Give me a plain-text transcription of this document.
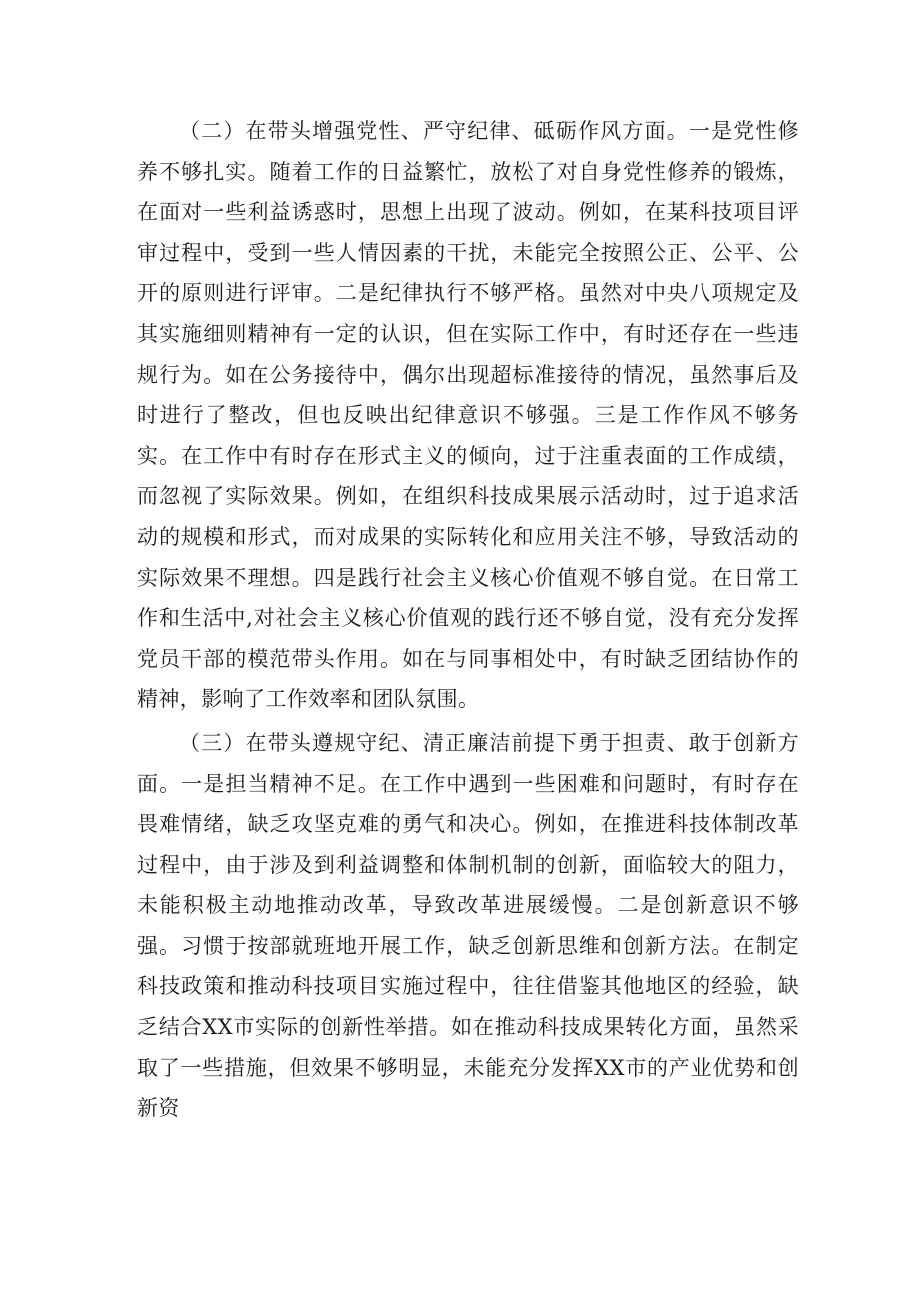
（二）在带头增强党性、严守纪律、砥砺作风方面。一是党性修养不够扎实。随着工作的日益繁忙，放松了对自身党性修养的锻炼，在面对一些利益诱惑时，思想上出现了波动。例如，在某科技项目评审过程中，受到一些人情因素的干扰，未能完全按照公正、公平、公开的原则进行评审。二是纪律执行不够严格。虽然对中央八项规定及其实施细则精神有一定的认识，但在实际工作中，有时还存在一些违规行为。如在公务接待中，偶尔出现超标准接待的情况，虽然事后及时进行了整改，但也反映出纪律意识不够强。三是工作作风不够务实。在工作中有时存在形式主义的倾向，过于注重表面的工作成绩，而忽视了实际效果。例如，在组织科技成果展示活动时，过于追求活动的规模和形式，而对成果的实际转化和应用关注不够，导致活动的实际效果不理想。四是践行社会主义核心价值观不够自觉。在日常工作和生活中,对社会主义核心价值观的践行还不够自觉，没有充分发挥党员干部的模范带头作用。如在与同事相处中，有时缺乏团结协作的精神，影响了工作效率和团队氛围。

（三）在带头遵规守纪、清正廉洁前提下勇于担责、敢于创新方面。一是担当精神不足。在工作中遇到一些困难和问题时，有时存在畏难情绪，缺乏攻坚克难的勇气和决心。例如，在推进科技体制改革过程中，由于涉及到利益调整和体制机制的创新，面临较大的阻力，未能积极主动地推动改革，导致改革进展缓慢。二是创新意识不够强。习惯于按部就班地开展工作，缺乏创新思维和创新方法。在制定科技政策和推动科技项目实施过程中，往往借鉴其他地区的经验，缺乏结合XX市实际的创新性举措。如在推动科技成果转化方面，虽然采取了一些措施，但效果不够明显，未能充分发挥XX市的产业优势和创新资
